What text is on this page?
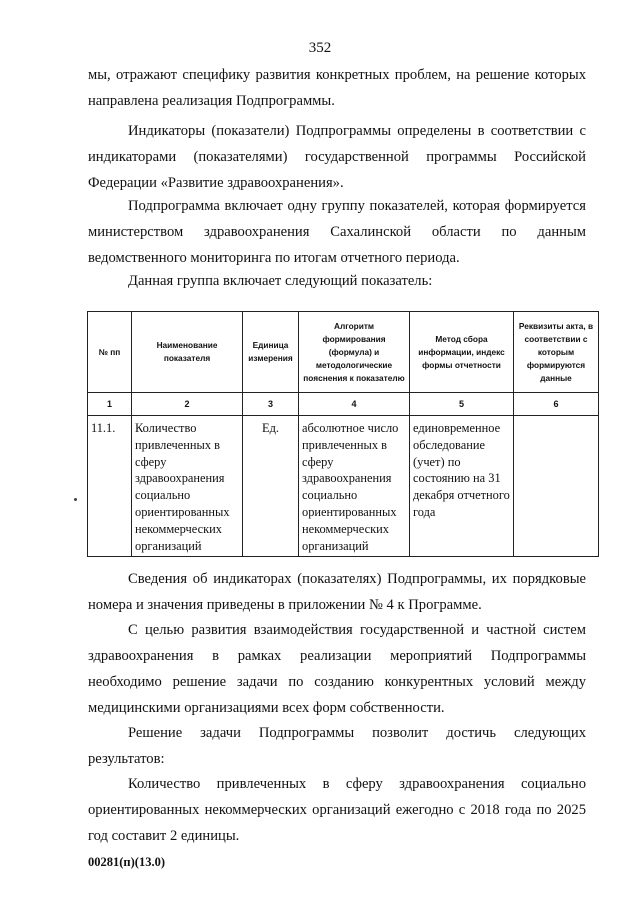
352

мы, отражают специфику развития конкретных проблем, на решение которых направлена реализация Подпрограммы.

Индикаторы (показатели) Подпрограммы определены в соответствии с индикаторами (показателями) государственной программы Российской Федерации «Развитие здравоохранения».

Подпрограмма включает одну группу показателей, которая формируется министерством здравоохранения Сахалинской области по данным ведомственного мониторинга по итогам отчетного периода.

Данная группа включает следующий показатель:

№ пп	Наименование показателя	Единица измерения	Алгоритм формирования (формула) и методологические пояснения к показателю	Метод сбора информации, индекс формы отчетности	Реквизиты акта, в соответствии с которым формируются данные
1	2	3	4	5	6
11.1.	Количество привлеченных в сферу здравоохранения социально ориентированных некоммерческих организаций	Ед.	абсолютное число привлеченных в сферу здравоохранения социально ориентированных некоммерческих организаций	единовременное обследование (учет) по состоянию на 31 декабря отчетного года	

Сведения об индикаторах (показателях) Подпрограммы, их порядковые номера и значения приведены в приложении № 4 к Программе.

С целью развития взаимодействия государственной и частной систем здравоохранения в рамках реализации мероприятий Подпрограммы необходимо решение задачи по созданию конкурентных условий между медицинскими организациями всех форм собственности.

Решение задачи Подпрограммы позволит достичь следующих результатов:

Количество привлеченных в сферу здравоохранения социально ориентированных некоммерческих организаций ежегодно с 2018 года по 2025 год составит 2 единицы.

00281(п)(13.0)
